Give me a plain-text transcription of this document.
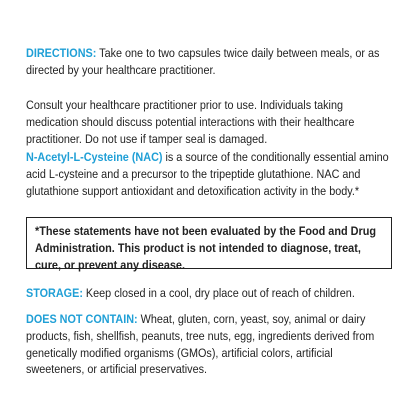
DIRECTIONS: Take one to two capsules twice daily between meals, or as directed by your healthcare practitioner.
Consult your healthcare practitioner prior to use. Individuals taking medication should discuss potential interactions with their healthcare practitioner. Do not use if tamper seal is damaged.
N-Acetyl-L-Cysteine (NAC) is a source of the conditionally essential amino acid L-cysteine and a precursor to the tripeptide glutathione. NAC and glutathione support antioxidant and detoxification activity in the body.*
*These statements have not been evaluated by the Food and Drug Administration. This product is not intended to diagnose, treat, cure, or prevent any disease.
STORAGE: Keep closed in a cool, dry place out of reach of children.
DOES NOT CONTAIN: Wheat, gluten, corn, yeast, soy, animal or dairy products, fish, shellfish, peanuts, tree nuts, egg, ingredients derived from genetically modified organisms (GMOs), artificial colors, artificial sweeteners, or artificial preservatives.
